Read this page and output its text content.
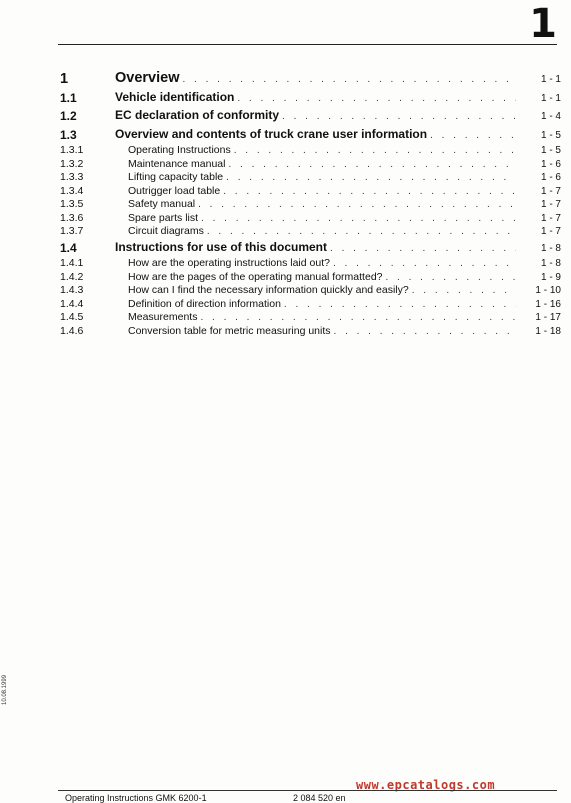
1
1	Overview . . .	1 - 1
1.1	Vehicle identification . . .	1 - 1
1.2	EC declaration of conformity . . .	1 - 4
1.3	Overview and contents of truck crane user information . . .	1 - 5
1.3.1	Operating Instructions . . .	1 - 5
1.3.2	Maintenance manual . . .	1 - 6
1.3.3	Lifting capacity table . . .	1 - 6
1.3.4	Outrigger load table . . .	1 - 7
1.3.5	Safety manual . . .	1 - 7
1.3.6	Spare parts list . . .	1 - 7
1.3.7	Circuit diagrams . . .	1 - 7
1.4	Instructions for use of this document . . .	1 - 8
1.4.1	How are the operating instructions laid out? . . .	1 - 8
1.4.2	How are the pages of the operating manual formatted? . . .	1 - 9
1.4.3	How can I find the necessary information quickly and easily? . . .	1 - 10
1.4.4	Definition of direction information . . .	1 - 16
1.4.5	Measurements . . .	1 - 17
1.4.6	Conversion table for metric measuring units . . .	1 - 18
10.08.1999
www.epcatalogs.com
Operating Instructions GMK 6200-1	2 084 520 en
